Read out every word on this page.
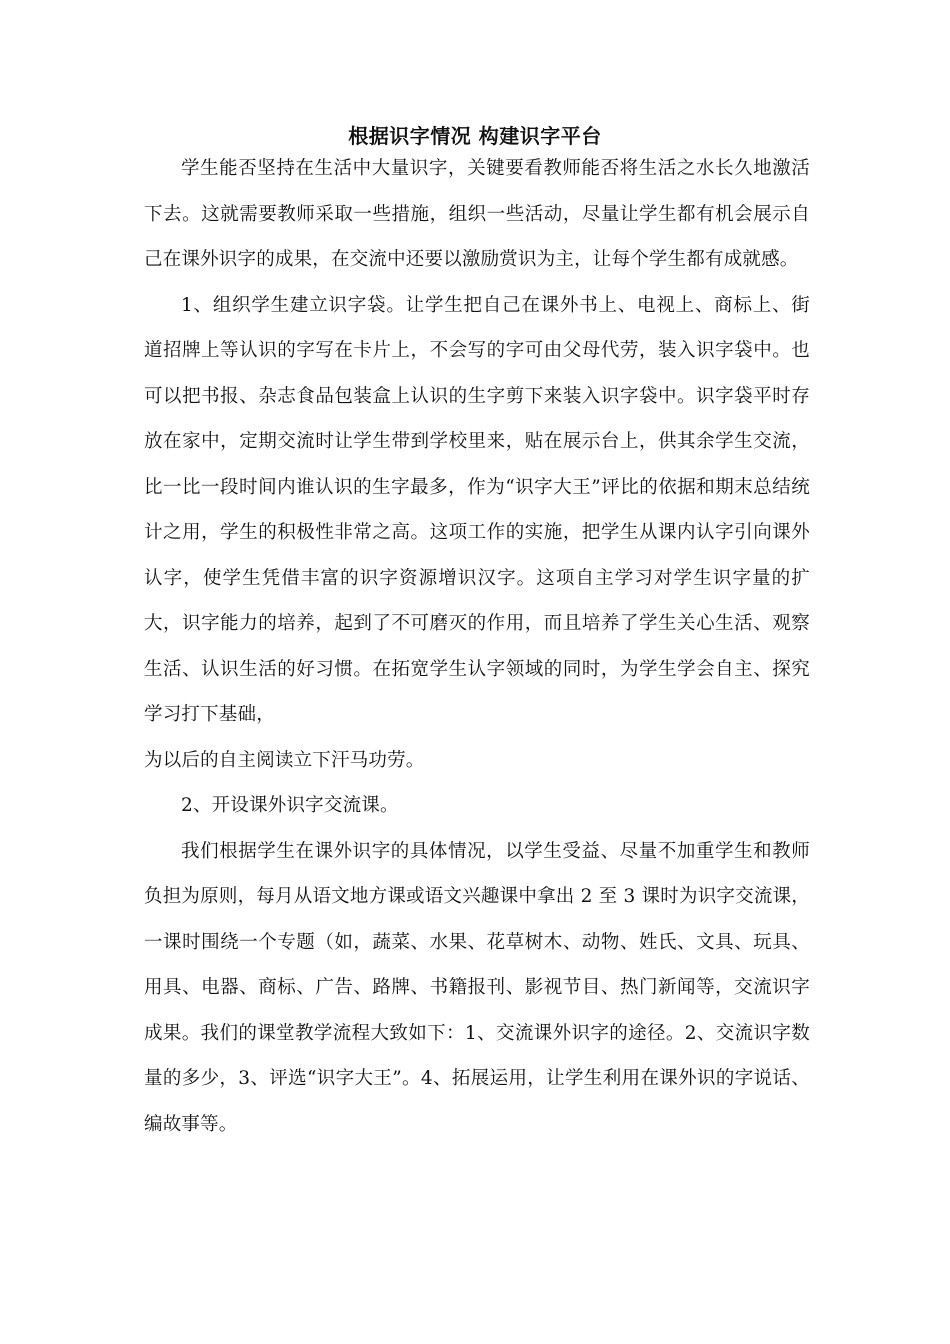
根据识字情况 构建识字平台

学生能否坚持在生活中大量识字，关键要看教师能否将生活之水长久地激活下去。这就需要教师采取一些措施，组织一些活动，尽量让学生都有机会展示自己在课外识字的成果，在交流中还要以激励赏识为主，让每个学生都有成就感。

1、组织学生建立识字袋。让学生把自己在课外书上、电视上、商标上、街道招牌上等认识的字写在卡片上，不会写的字可由父母代劳，装入识字袋中。也可以把书报、杂志食品包装盒上认识的生字剪下来装入识字袋中。识字袋平时存放在家中，定期交流时让学生带到学校里来，贴在展示台上，供其余学生交流，比一比一段时间内谁认识的生字最多，作为“识字大王”评比的依据和期末总结统计之用，学生的积极性非常之高。这项工作的实施，把学生从课内认字引向课外认字，使学生凭借丰富的识字资源增识汉字。这项自主学习对学生识字量的扩大，识字能力的培养，起到了不可磨灭的作用，而且培养了学生关心生活、观察生活、认识生活的好习惯。在拓宽学生认字领域的同时，为学生学会自主、探究学习打下基础，

为以后的自主阅读立下汗马功劳。

2、开设课外识字交流课。

我们根据学生在课外识字的具体情况，以学生受益、尽量不加重学生和教师负担为原则，每月从语文地方课或语文兴趣课中拿出 2 至 3 课时为识字交流课，一课时围绕一个专题（如，蔬菜、水果、花草树木、动物、姓氏、文具、玩具、用具、电器、商标、广告、路牌、书籍报刊、影视节目、热门新闻等，交流识字成果。我们的课堂教学流程大致如下：1、交流课外识字的途径。2、交流识字数量的多少，3、评选“识字大王”。4、拓展运用，让学生利用在课外识的字说话、编故事等。
